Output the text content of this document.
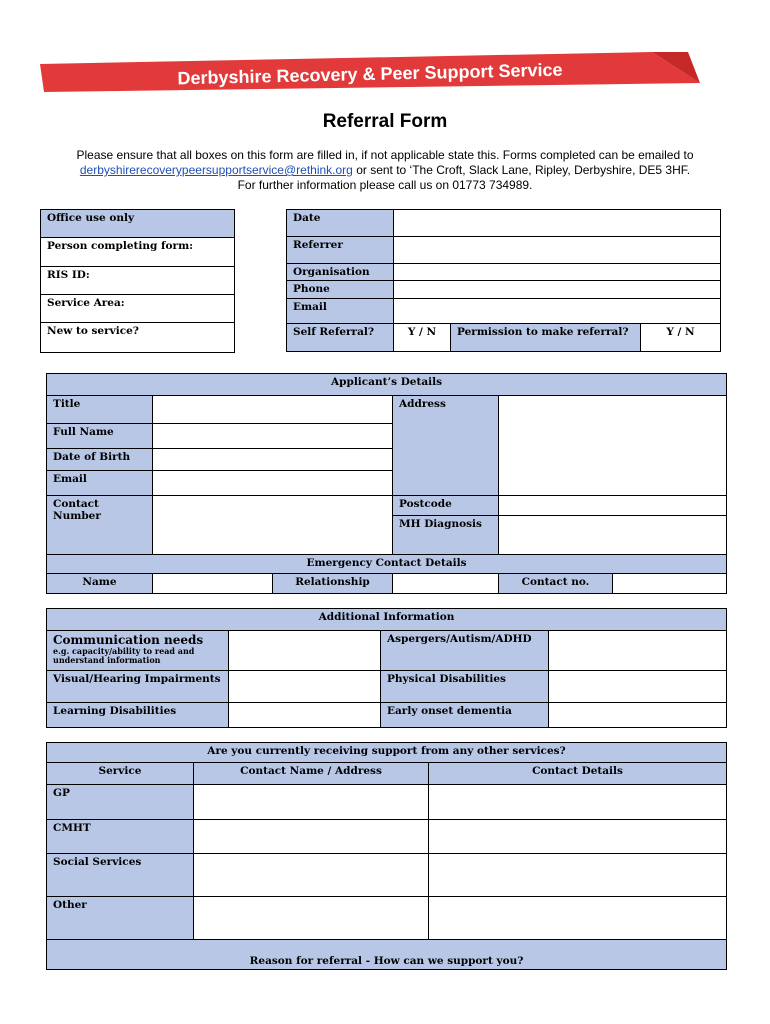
Derbyshire Recovery & Peer Support Service
Referral Form
Please ensure that all boxes on this form are filled in, if not applicable state this. Forms completed can be emailed to
derbyshirerecoverypeersupportservice@rethink.org or sent to ‘The Croft, Slack Lane, Ripley, Derbyshire, DE5 3HF.
For further information please call us on 01773 734989.
Office use only
Person completing form:
RIS ID:
Service Area:
New to service?
Date			
Referrer			
Organisation			
Phone			
Email			
Self Referral?	Y / N	Permission to make referral?	Y / N
Applicant’s Details					
Title			Address		
Full Name					
Date of Birth					
Email					
Contact Number			Postcode		
			MH Diagnosis		
Emergency Contact Details					
Name		Relationship		Contact no.	
Additional Information			

Communication needs
e.g. capacity/ability to read and understand information		Aspergers/Autism/ADHD	
Visual/Hearing Impairments		Physical Disabilities	
Learning Disabilities		Early onset dementia	
Are you currently receiving support from any other services?		
Service	Contact Name / Address	Contact Details
GP		
CMHT		
Social Services		
Other		
Reason for referral - How can we support you?		
